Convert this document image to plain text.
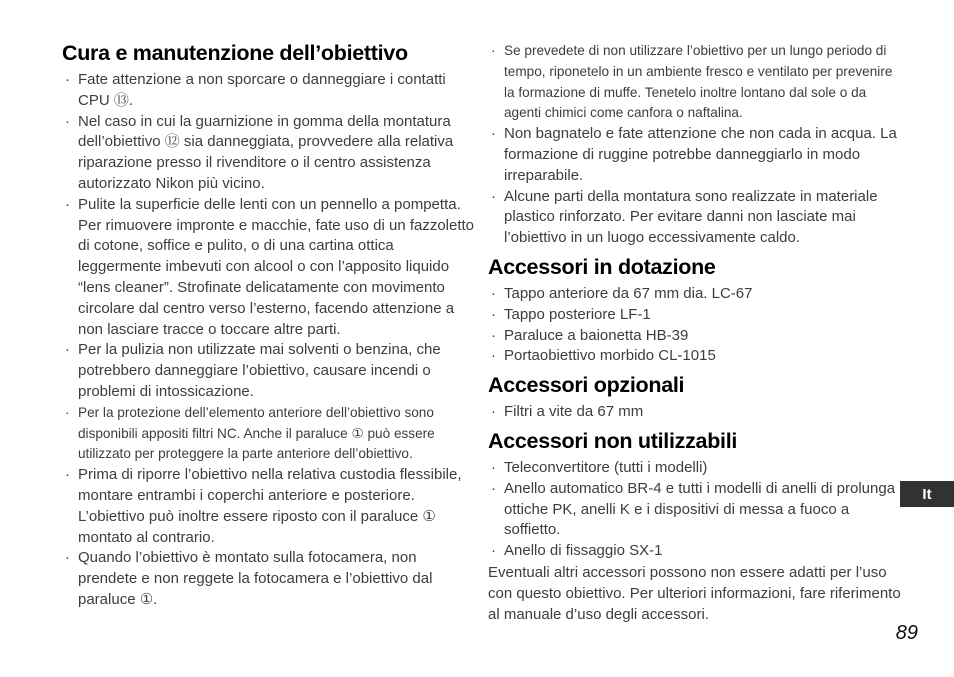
Cura e manutenzione dell’obiettivo
· Fate attenzione a non sporcare o danneggiare i contatti CPU ⑬.
· Nel caso in cui la guarnizione in gomma della montatura dell’obiettivo ⑫ sia danneggiata, provvedere alla relativa riparazione presso il rivenditore o il centro assistenza autorizzato Nikon più vicino.
· Pulite la superficie delle lenti con un pennello a pompetta. Per rimuovere impronte e macchie, fate uso di un fazzoletto di cotone, soffice e pulito, o di una cartina ottica leggermente imbevuti con alcool o con l’apposito liquido “lens cleaner”. Strofinate delicatamente con movimento circolare dal centro verso l’esterno, facendo attenzione a non lasciare tracce o toccare altre parti.
· Per la pulizia non utilizzate mai solventi o benzina, che potrebbero danneggiare l’obiettivo, causare incendi o problemi di intossicazione.
· Per la protezione dell’elemento anteriore dell’obiettivo sono disponibili appositi filtri NC. Anche il paraluce ① può essere utilizzato per proteggere la parte anteriore dell’obiettivo.
· Prima di riporre l’obiettivo nella relativa custodia flessibile, montare entrambi i coperchi anteriore e posteriore. L’obiettivo può inoltre essere riposto con il paraluce ① montato al contrario.
· Quando l’obiettivo è montato sulla fotocamera, non prendete e non reggete la fotocamera e l’obiettivo dal paraluce ①.
· Se prevedete di non utilizzare l’obiettivo per un lungo periodo di tempo, riponetelo in un ambiente fresco e ventilato per prevenire la formazione di muffe. Tenetelo inoltre lontano dal sole o da agenti chimici come canfora o naftalina.
· Non bagnatelo e fate attenzione che non cada in acqua. La formazione di ruggine potrebbe danneggiarlo in modo irreparabile.
· Alcune parti della montatura sono realizzate in materiale plastico rinforzato. Per evitare danni non lasciate mai l’obiettivo in un luogo eccessivamente caldo.
Accessori in dotazione
· Tappo anteriore da 67 mm dia. LC-67
· Tappo posteriore LF-1
· Paraluce a baionetta HB-39
· Portaobiettivo morbido CL-1015
Accessori opzionali
· Filtri a vite da 67 mm
Accessori non utilizzabili
· Teleconvertitore (tutti i modelli)
· Anello automatico BR-4 e tutti i modelli di anelli di prolunga ottiche PK, anelli K e i dispositivi di messa a fuoco a soffietto.
· Anello di fissaggio SX-1

Eventuali altri accessori possono non essere adatti per l’uso con questo obiettivo. Per ulteriori informazioni, fare riferimento al manuale d’uso degli accessori.

It
89
